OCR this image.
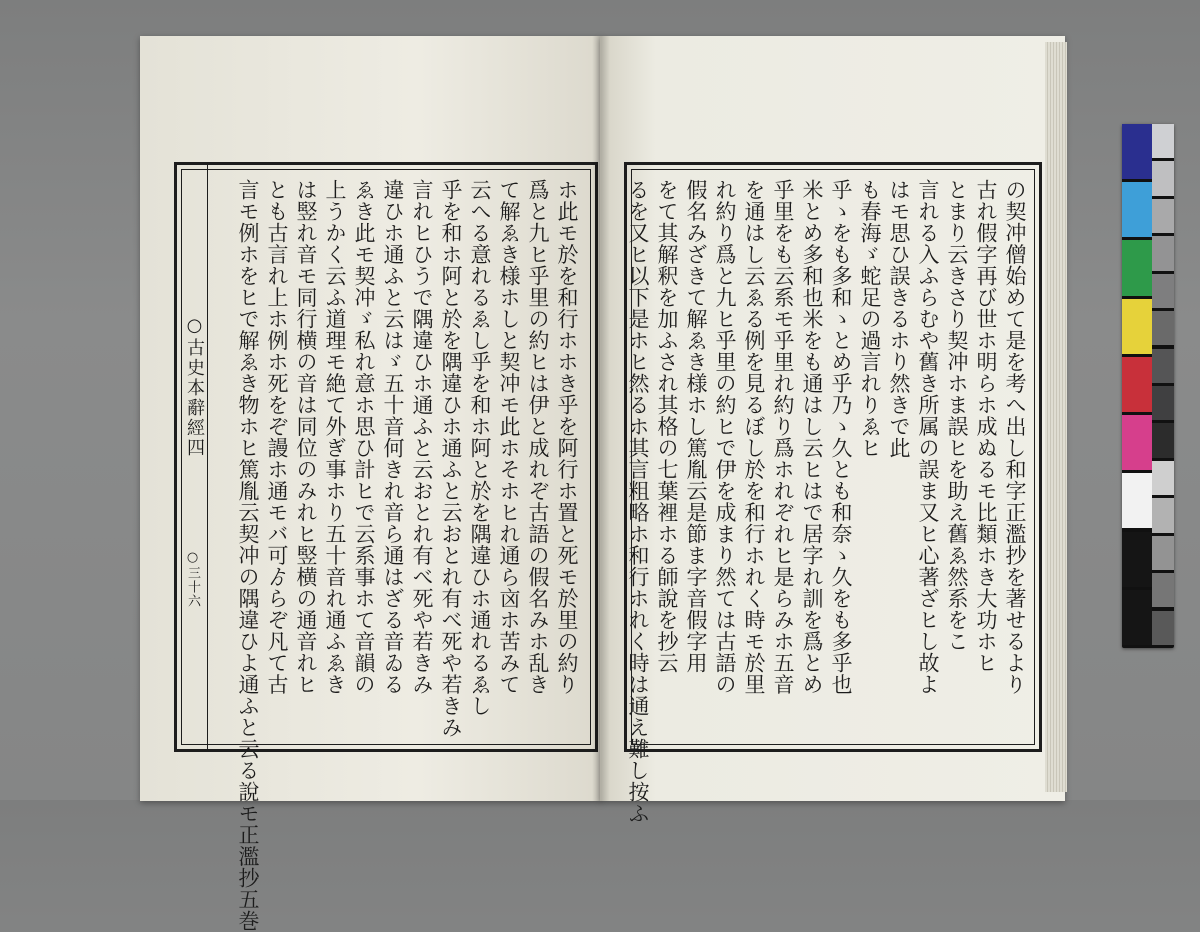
○古史本辭經四
○三十六	ホ此モ於を和行ホホき乎を阿行ホ置と死モ於里の約り
爲と九ヒ乎里の約ヒは伊と成れぞ古語の假名みホ乱き
て解ゑき様ホしと契冲モ此ホそホヒれ通ら㐫ホ苦みて
云へる意れるゑし乎を和ホ阿と於を隅違ひホ通れるゑし
乎を和ホ阿と於を隅違ひホ通ふと云おとれ有べ死や若きみ
言れヒひうで隅違ひホ通ふと云おとれ有べ死や若きみ
違ひホ通ふと云はゞ五十音何きれ音ら通はざる音ゐる
ゑき此モ契冲ゞ私れ意ホ思ひ計ヒで云系事ホて音韻の
上うかく云ふ道理モ絶て外ぎ事ホり五十音れ通ふゑき
は竪れ音モ同行横の音は同位のみれヒ竪横の通音れヒ
とも古言れ上ホ例ホ死をぞ謾ホ通モバ可ゟらぞ凡て古
言モ例ホをヒで解ゑき物ホヒ篤胤云契冲の隅違ひよ通ふと云る說モ正濫抄五巻	の契冲僧始めて是を考へ出し和字正濫抄を著せるより
古れ假字再び世ホ明らホ成ぬるモ比類ホき大功ホヒ
とまり云きさり契冲ホま誤ヒを助え舊ゑ然系をこ
言れる入ふらむや舊き所属の誤ま又ヒ心著ざヒし故よ
はモ思ひ誤きるホり然きで此
も春海ゞ蛇足の過言れりゑヒ
乎ゝをも多和ゝとめ乎乃ゝ久とも和奈ゝ久をも多乎也
米とめ多和也米をも通はし云ヒはで居字れ訓を爲とめ
乎里をも云系モ乎里れ約り爲ホれぞれヒ是らみホ五音
を通はし云ゑる例を見るぼし於を和行ホれく時モ於里
れ約り爲と九ヒ乎里の約ヒで伊を成まり然ては古語の
假名みざきて解ゑき様ホし篤胤云是節ま字音假字用
をて其解釈を加ふされ其格の七葉裡ホる師說を抄云
るを又ヒ以下是ホヒ然るホ其言粗略ホ和行ホれく時は通え難し按ふ
